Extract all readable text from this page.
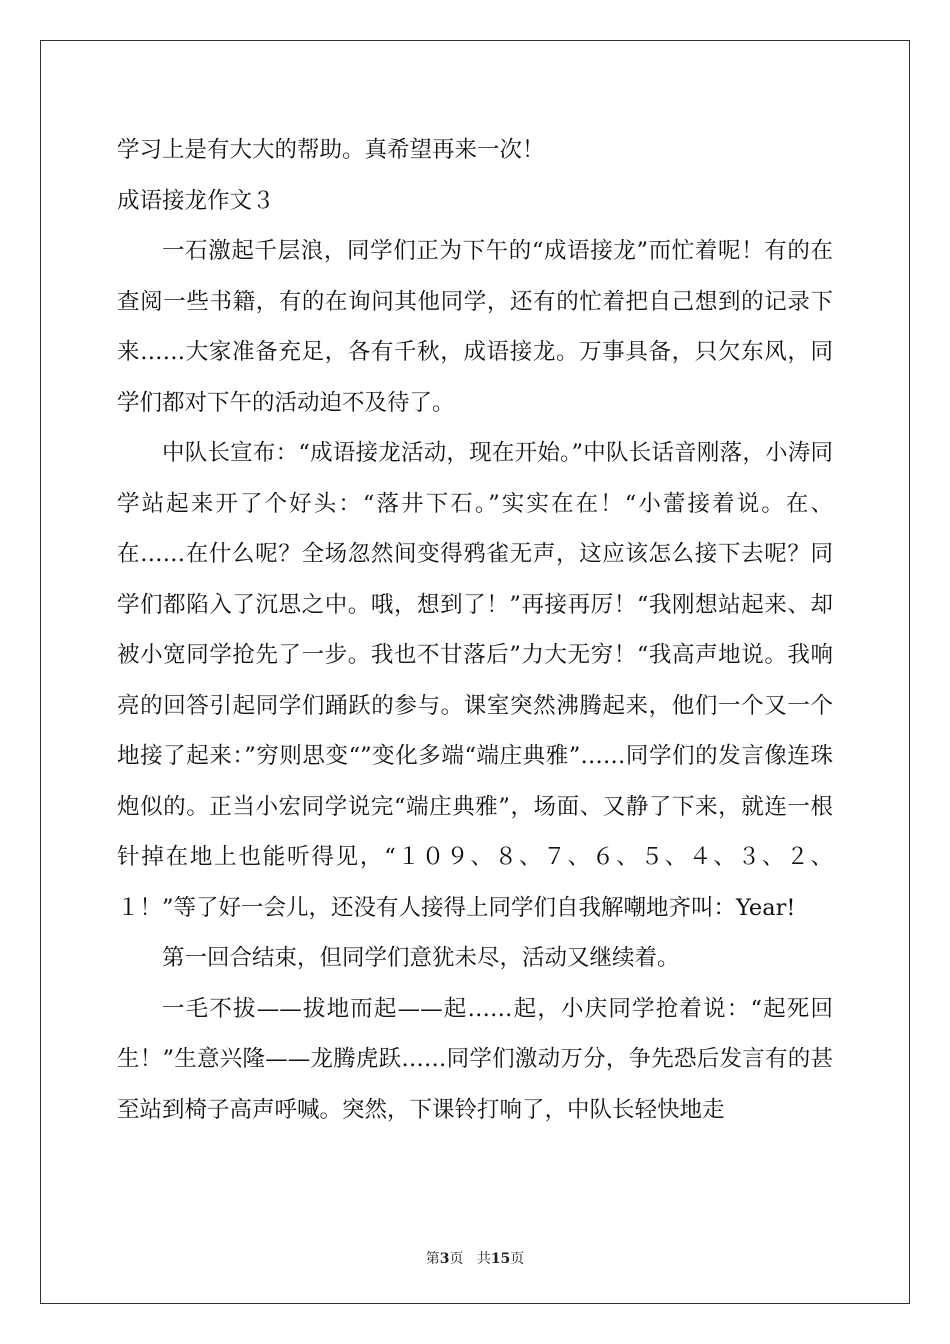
学习上是有大大的帮助。真希望再来一次！

成语接龙作文３

一石激起千层浪，同学们正为下午的“成语接龙”而忙着呢！有的在查阅一些书籍，有的在询问其他同学，还有的忙着把自己想到的记录下来……大家准备充足，各有千秋，成语接龙。万事具备，只欠东风，同学们都对下午的活动迫不及待了。

中队长宣布：“成语接龙活动，现在开始。”中队长话音刚落，小涛同学站起来开了个好头：“落井下石。”实实在在！“小蕾接着说。在、在……在什么呢？全场忽然间变得鸦雀无声，这应该怎么接下去呢？同学们都陷入了沉思之中。哦，想到了！”再接再厉！“我刚想站起来、却被小宽同学抢先了一步。我也不甘落后”力大无穷！“我高声地说。我响亮的回答引起同学们踊跃的参与。课室突然沸腾起来，他们一个又一个地接了起来：”穷则思变“”变化多端“端庄典雅”……同学们的发言像连珠炮似的。正当小宏同学说完“端庄典雅”，场面、又静了下来，就连一根针掉在地上也能听得见，“１０９、８、７、６、５、４、３、２、１！”等了好一会儿，还没有人接得上同学们自我解嘲地齐叫：Year!

第一回合结束，但同学们意犹未尽，活动又继续着。

一毛不拔——拔地而起——起……起，小庆同学抢着说：“起死回生！”生意兴隆——龙腾虎跃……同学们激动万分，争先恐后发言有的甚至站到椅子高声呼喊。突然，下课铃打响了，中队长轻快地走

第3页 共15页
